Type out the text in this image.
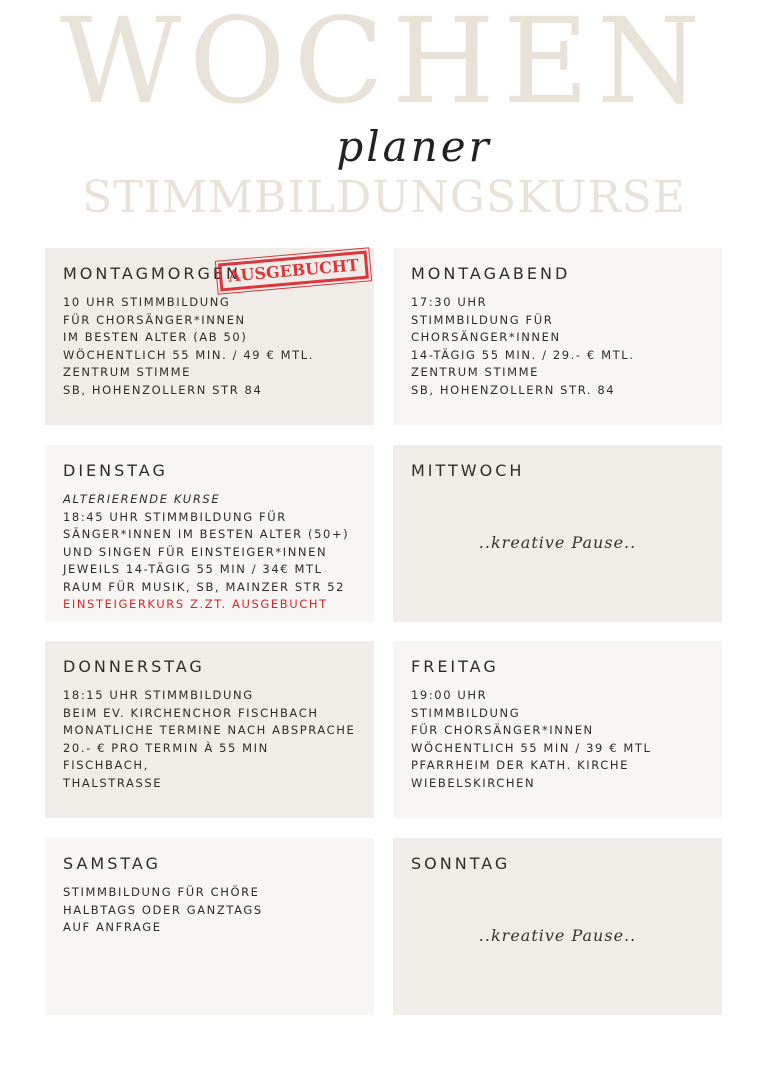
WOCHEN
planer
STIMMBILDUNGSKURSE
MONTAGMORGEN
10 UHR STIMMBILDUNG
FÜR CHORSÄNGER*INNEN
IM BESTEN ALTER (AB 50)
WÖCHENTLICH 55 MIN. / 49 € MTL.
ZENTRUM STIMME
SB, HOHENZOLLERN STR 84
AUSGEBUCHT	MONTAGABEND
17:30 UHR
STIMMBILDUNG FÜR
CHORSÄNGER*INNEN
14-TÄGIG 55 MIN. / 29.- € MTL.
ZENTRUM STIMME
SB, HOHENZOLLERN STR. 84
DIENSTAG
ALTERIERENDE KURSE
18:45 UHR STIMMBILDUNG FÜR
SÄNGER*INNEN IM BESTEN ALTER (50+)
UND SINGEN FÜR EINSTEIGER*INNEN
JEWEILS 14-TÄGIG 55 MIN / 34€ MTL
RAUM FÜR MUSIK, SB, MAINZER STR 52
EINSTEIGERKURS Z.ZT. AUSGEBUCHT
MITTWOCH
..kreative Pause..
DONNERSTAG
18:15 UHR STIMMBILDUNG
BEIM EV. KIRCHENCHOR FISCHBACH
MONATLICHE TERMINE NACH ABSPRACHE
20.- € PRO TERMIN À 55 MIN
FISCHBACH,
THALSTRASSE
FREITAG
19:00 UHR
STIMMBILDUNG
FÜR CHORSÄNGER*INNEN
WÖCHENTLICH 55 MIN / 39 € MTL
PFARRHEIM DER KATH. KIRCHE
WIEBELSKIRCHEN
SAMSTAG
STIMMBILDUNG FÜR CHÖRE
HALBTAGS ODER GANZTAGS
AUF ANFRAGE
SONNTAG
..kreative Pause..
